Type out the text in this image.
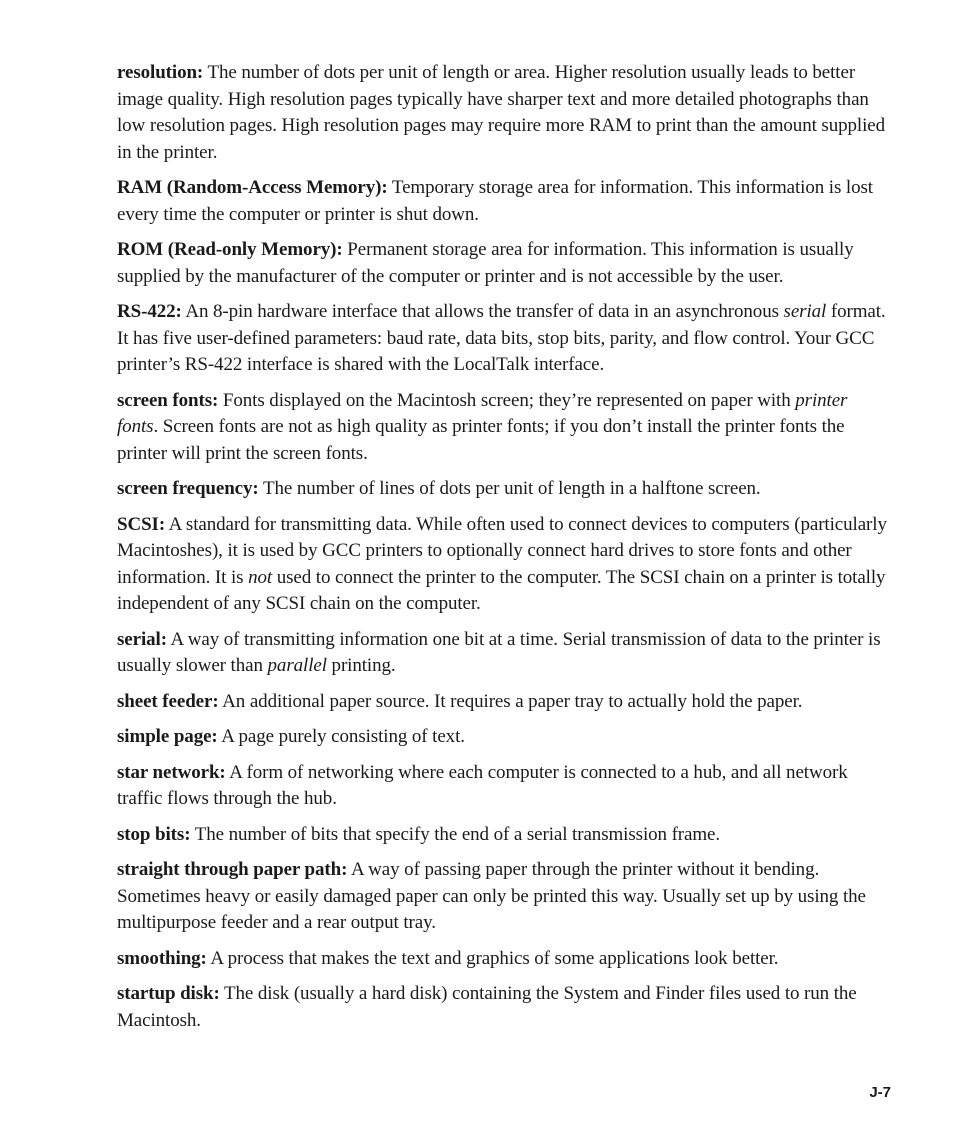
resolution: The number of dots per unit of length or area. Higher resolution usually leads to better image quality. High resolution pages typically have sharper text and more detailed photographs than low resolution pages. High resolution pages may require more RAM to print than the amount supplied in the printer.

RAM (Random-Access Memory): Temporary storage area for information. This information is lost every time the computer or printer is shut down.

ROM (Read-only Memory): Permanent storage area for information. This information is usually supplied by the manufacturer of the computer or printer and is not accessible by the user.

RS-422: An 8-pin hardware interface that allows the transfer of data in an asynchronous serial format. It has five user-defined parameters: baud rate, data bits, stop bits, parity, and flow control. Your GCC printer’s RS-422 interface is shared with the LocalTalk interface.

screen fonts: Fonts displayed on the Macintosh screen; they’re represented on paper with printer fonts. Screen fonts are not as high quality as printer fonts; if you don’t install the printer fonts the printer will print the screen fonts.

screen frequency: The number of lines of dots per unit of length in a halftone screen.

SCSI: A standard for transmitting data. While often used to connect devices to computers (particularly Macintoshes), it is used by GCC printers to optionally connect hard drives to store fonts and other information. It is not used to connect the printer to the computer. The SCSI chain on a printer is totally independent of any SCSI chain on the computer.

serial: A way of transmitting information one bit at a time. Serial transmission of data to the printer is usually slower than parallel printing.

sheet feeder: An additional paper source. It requires a paper tray to actually hold the paper.

simple page: A page purely consisting of text.

star network: A form of networking where each computer is connected to a hub, and all network traffic flows through the hub.

stop bits: The number of bits that specify the end of a serial transmission frame.

straight through paper path: A way of passing paper through the printer without it bending. Sometimes heavy or easily damaged paper can only be printed this way. Usually set up by using the multipurpose feeder and a rear output tray.

smoothing: A process that makes the text and graphics of some applications look better.

startup disk: The disk (usually a hard disk) containing the System and Finder files used to run the Macintosh.

J-7
